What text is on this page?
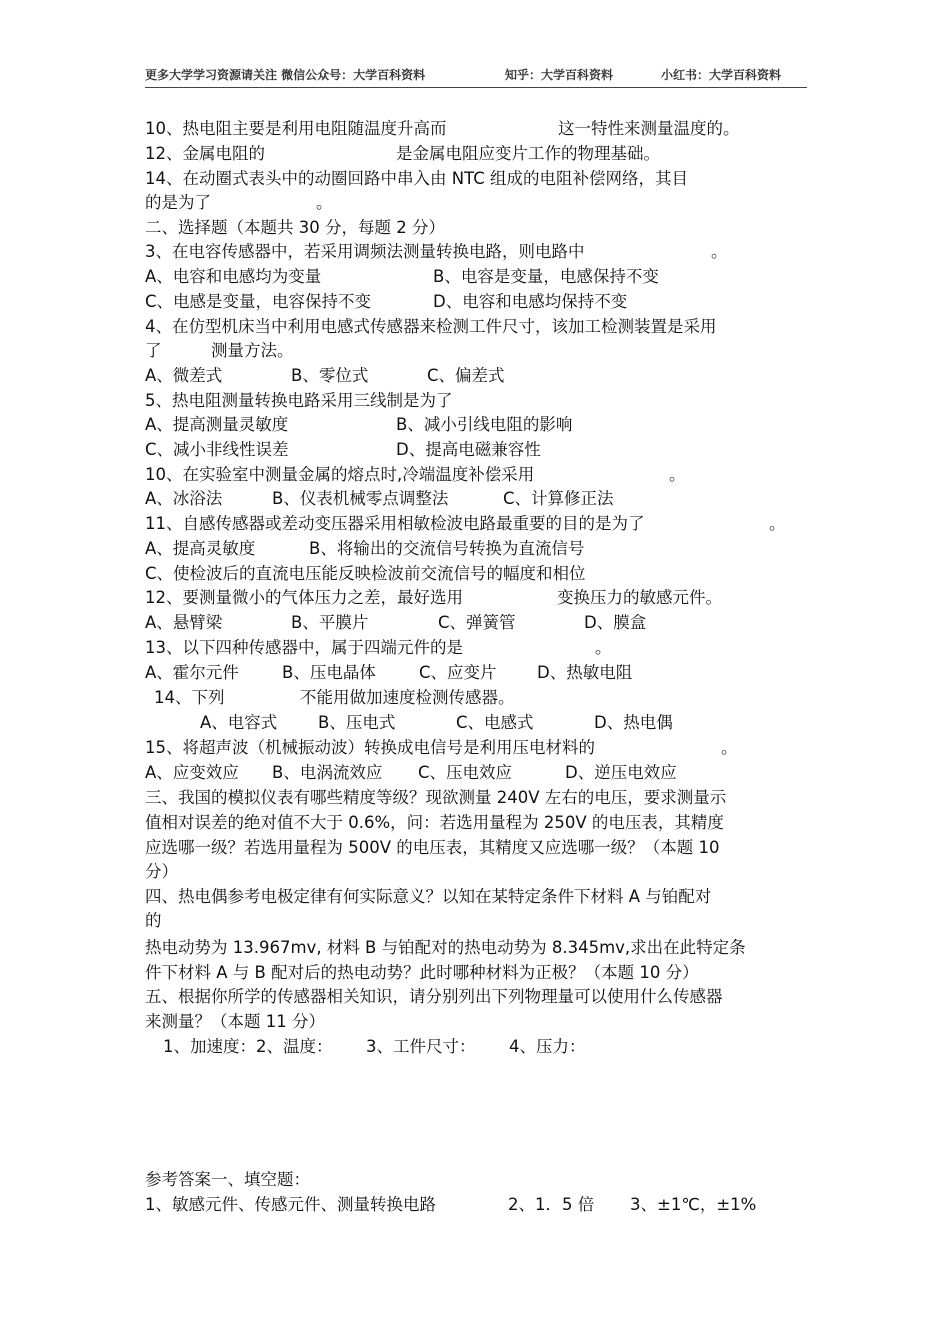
更多大学学习资源请关注 微信公众号：大学百科资料	知乎：大学百科资料	小红书：大学百科资料
10、热电阻主要是利用电阻随温度升高而	这一特性来测量温度的。
12、金属电阻的	是金属电阻应变片工作的物理基础。
14、在动圈式表头中的动圈回路中串入由 NTC 组成的电阻补偿网络，其目
的是为了	。
二、选择题（本题共 30 分，每题 2 分）
3、在电容传感器中，若采用调频法测量转换电路，则电路中	。
A、电容和电感均为变量	B、电容是变量，电感保持不变
C、电感是变量，电容保持不变	D、电容和电感均保持不变
4、在仿型机床当中利用电感式传感器来检测工件尺寸，该加工检测装置是采用
了	测量方法。
A、微差式	B、零位式	C、偏差式
5、热电阻测量转换电路采用三线制是为了
A、提高测量灵敏度	B、减小引线电阻的影响
C、减小非线性误差	D、提高电磁兼容性
10、在实验室中测量金属的熔点时,冷端温度补偿采用	。
A、冰浴法	B、仪表机械零点调整法	C、计算修正法
11、自感传感器或差动变压器采用相敏检波电路最重要的目的是为了	。
A、提高灵敏度	B、将输出的交流信号转换为直流信号
C、使检波后的直流电压能反映检波前交流信号的幅度和相位
12、要测量微小的气体压力之差，最好选用	变换压力的敏感元件。
A、悬臂梁	B、平膜片	C、弹簧管	D、膜盒
13、以下四种传感器中，属于四端元件的是	。
A、霍尔元件	B、压电晶体	C、应变片 D、热敏电阻
14、下列	不能用做加速度检测传感器。
A、电容式 B、压电式	C、电感式	D、热电偶
15、将超声波（机械振动波）转换成电信号是利用压电材料的	。
A、应变效应 B、电涡流效应 C、压电效应	D、逆压电效应
三、我国的模拟仪表有哪些精度等级？现欲测量 240V 左右的电压，要求测量示
值相对误差的绝对值不大于 0.6%，问：若选用量程为 250V 的电压表，其精度
应选哪一级？若选用量程为 500V 的电压表，其精度又应选哪一级？（本题 10
分）
四、热电偶参考电极定律有何实际意义？以知在某特定条件下材料 A 与铂配对
的
热电动势为 13.967mv, 材料 B 与铂配对的热电动势为 8.345mv,求出在此特定条
件下材料 A 与 B 配对后的热电动势？此时哪种材料为正极？（本题 10 分）
五、根据你所学的传感器相关知识，请分别列出下列物理量可以使用什么传感器
来测量？（本题 11 分）
1、加速度：2、温度： 3、工件尺寸： 4、压力：
参考答案一、填空题：
1、敏感元件、传感元件、测量转换电路	2、1．5 倍 3、±1℃，±1%
